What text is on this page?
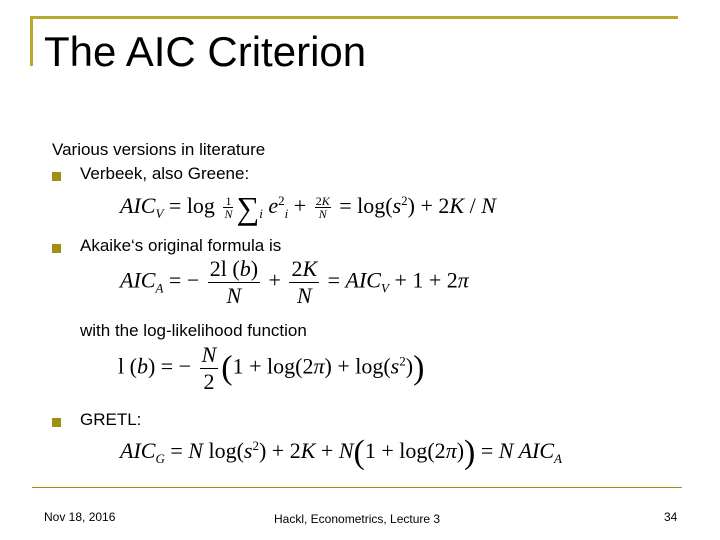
The AIC Criterion
Various versions in literature
Verbeek, also Greene:
$AIC_V = \log \frac{1}{N} \sum_i$ $e^2_i + \frac{2K}{N} = \log(s^2) + 2K / N$
Akaike‘s original formula is
$AIC_A$ = − $\frac{2l (b)}{N} + \frac{2K}{N} = AIC_V + 1 + 2\pi$
with the log-likelihood function
l (b) = − $\frac{N}{2} (1 + \log(2\pi) + \log(s^2))$
GRETL:
$AIC_G = N$ $\log(s^2) + 2K + N(1 + \log(2\pi)) = N$ $AIC_A$
Nov 18, 2016	Hackl, Econometrics, Lecture 3	34
